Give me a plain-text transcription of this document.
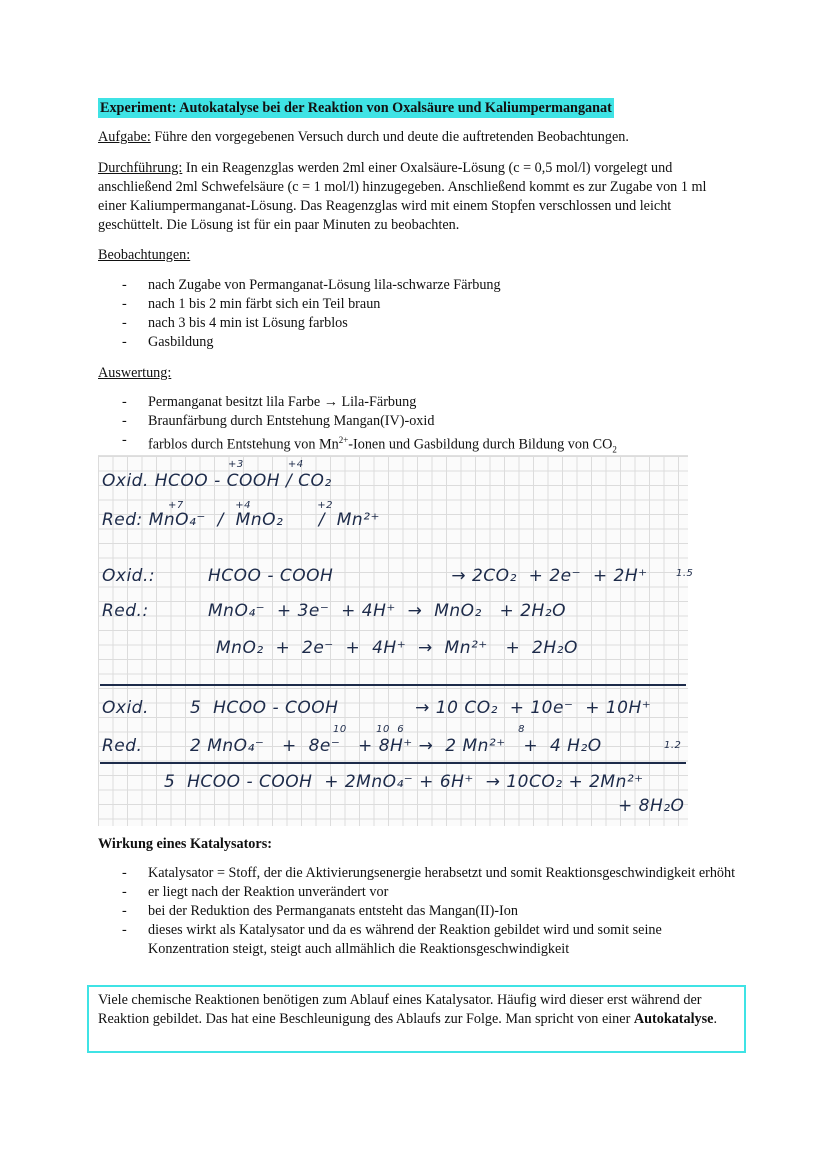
Experiment: Autokatalyse bei der Reaktion von Oxalsäure und Kaliumpermanganat
Aufgabe: Führe den vorgegebenen Versuch durch und deute die auftretenden Beobachtungen.
Durchführung: In ein Reagenzglas werden 2ml einer Oxalsäure-Lösung (c = 0,5 mol/l) vorgelegt und anschließend 2ml Schwefelsäure (c = 1 mol/l) hinzugegeben. Anschließend kommt es zur Zugabe von 1 ml einer Kaliumpermanganat-Lösung. Das Reagenzglas wird mit einem Stopfen verschlossen und leicht geschüttelt. Die Lösung ist für ein paar Minuten zu beobachten.
Beobachtungen:
- nach Zugabe von Permanganat-Lösung lila-schwarze Färbung
- nach 1 bis 2 min färbt sich ein Teil braun
- nach 3 bis 4 min ist Lösung farblos
- Gasbildung
Auswertung:
- Permanganat besitzt lila Farbe → Lila-Färbung
- Braunfärbung durch Entstehung Mangan(IV)-oxid
- farblos durch Entstehung von $Mn^{2+}$-Ionen und Gasbildung durch Bildung von $CO_2$
+3            +4
Oxid. HCOO - COOH / CO₂
+7              +4                  +2
Red: MnO₄⁻  /  MnO₂      /  Mn²⁺
Oxid.:	HCOO - COOH                    → 2CO₂  + 2e⁻  + 2H⁺	1.5
Red.:	MnO₄⁻  + 3e⁻  + 4H⁺  →  MnO₂   + 2H₂O
MnO₂  +  2e⁻  +  4H⁺  →  Mn²⁺   +  2H₂O
Oxid. 5  HCOO - COOH             → 10 CO₂  + 10e⁻  + 10H⁺
10        10  6                               8
Red.	2 MnO₄⁻   +  8e⁻   + 8H⁺ →  2 Mn²⁺   +  4 H₂O	1.2
5  HCOO - COOH  + 2MnO₄⁻ + 6H⁺  → 10CO₂ + 2Mn²⁺
+ 8H₂O
Wirkung eines Katalysators:
- Katalysator = Stoff, der die Aktivierungsenergie herabsetzt und somit Reaktionsgeschwindigkeit erhöht
- er liegt nach der Reaktion unverändert vor
- bei der Reduktion des Permanganats entsteht das Mangan(II)-Ion
- dieses wirkt als Katalysator und da es während der Reaktion gebildet wird und somit seine Konzentration steigt, steigt auch allmählich die Reaktionsgeschwindigkeit
Viele chemische Reaktionen benötigen zum Ablauf eines Katalysator. Häufig wird dieser erst während der Reaktion gebildet. Das hat eine Beschleunigung des Ablaufs zur Folge. Man spricht von einer Autokatalyse.
